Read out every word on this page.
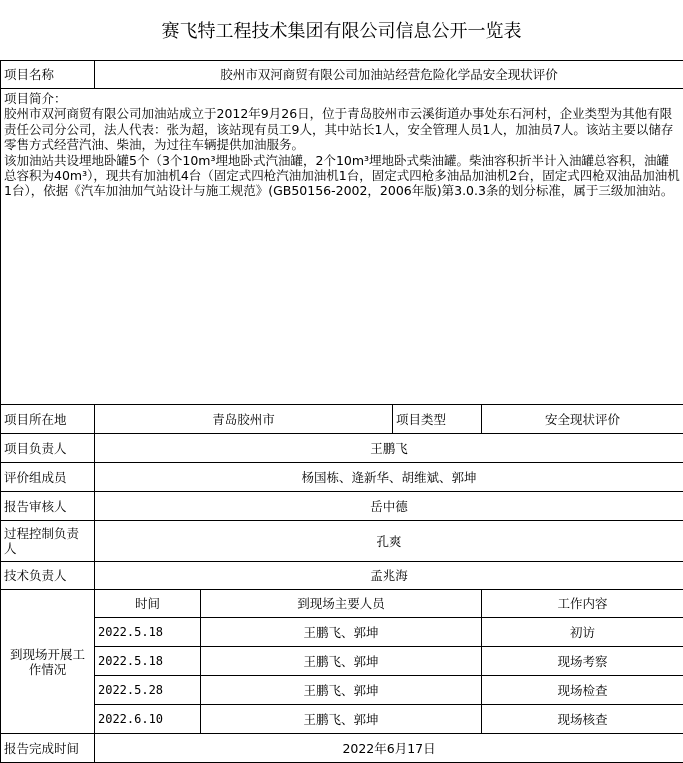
赛飞特工程技术集团有限公司信息公开一览表
项目名称	胶州市双河商贸有限公司加油站经营危险化学品安全现状评价			

项目简介：
胶州市双河商贸有限公司加油站成立于2012年9月26日，位于青岛胶州市云溪街道办事处东石河村，企业类型为其他有限责任公司分公司，法人代表：张为超，该站现有员工9人，其中站长1人，安全管理人员1人，加油员7人。该站主要以储存零售方式经营汽油、柴油，为过往车辆提供加油服务。
该加油站共设埋地卧罐5个（3个10m³埋地卧式汽油罐，2个10m³埋地卧式柴油罐。柴油容积折半计入油罐总容积，油罐总容积为40m³），现共有加油机4台（固定式四枪汽油加油机1台，固定式四枪多油品加油机2台，固定式四枪双油品加油机1台），依据《汽车加油加气站设计与施工规范》(GB50156-2002，2006年版)第3.0.3条的划分标准，属于三级加油站。				

项目所在地	青岛胶州市		项目类型	安全现状评价
项目负责人	王鹏飞			
评价组成员	杨国栋、逄新华、胡维斌、郭坤			
报告审核人	岳中德			
过程控制负责人	孔爽			
技术负责人	孟兆海			
到现场开展工作情况	时间	到现场主要人员		工作内容
	2022.5.18	王鹏飞、郭坤		初访
	2022.5.18	王鹏飞、郭坤		现场考察
	2022.5.28	王鹏飞、郭坤		现场检查
	2022.6.10	王鹏飞、郭坤		现场核查
报告完成时间	2022年6月17日			
